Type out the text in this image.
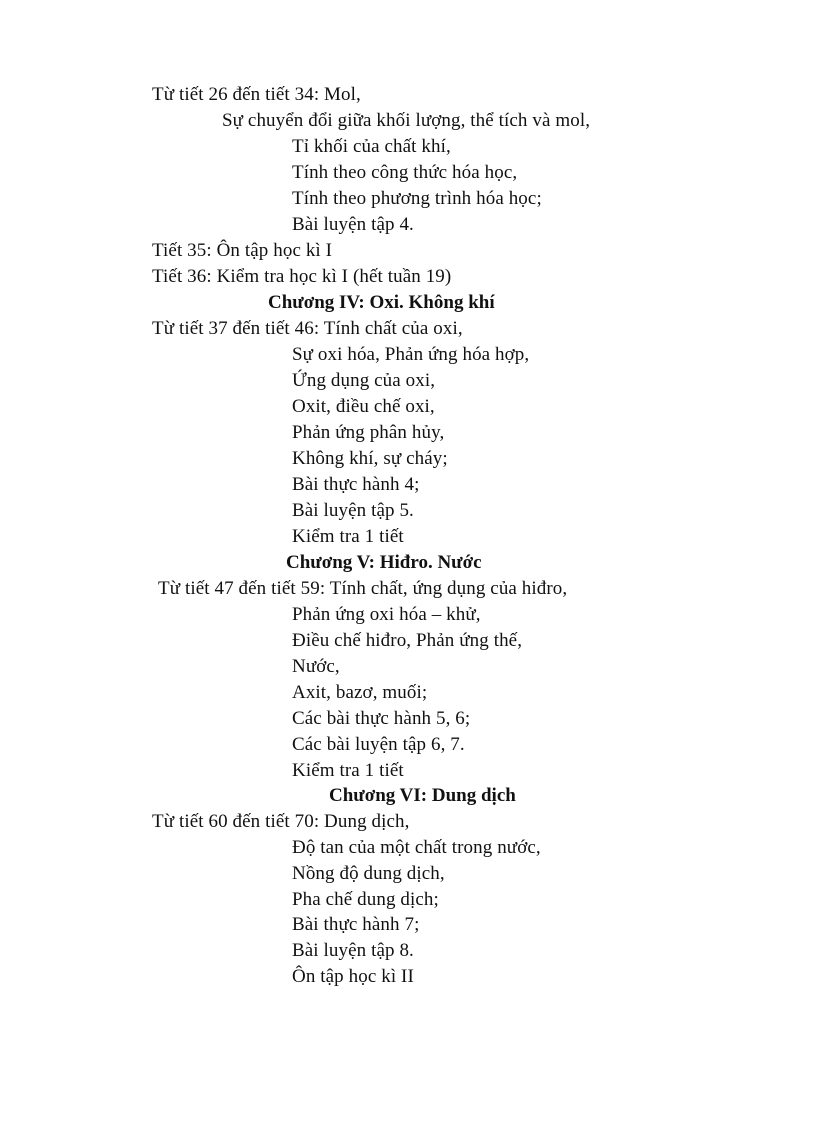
Từ tiết 26 đến tiết 34: Mol,
Sự chuyển đổi giữa khối lượng, thể tích và mol,
Tỉ khối của chất khí,
Tính theo công thức hóa học,
Tính theo phương trình hóa học;
Bài luyện tập 4.
Tiết 35: Ôn tập học kì I
Tiết 36: Kiểm tra học kì I (hết tuần 19)
Chương IV: Oxi. Không khí
Từ tiết 37 đến tiết 46: Tính chất của oxi,
Sự oxi hóa, Phản ứng hóa hợp,
Ứng dụng của oxi,
Oxit, điều chế oxi,
Phản ứng phân hủy,
Không khí, sự cháy;
Bài thực hành 4;
Bài luyện tập 5.
Kiểm tra 1 tiết
Chương V: Hiđro. Nước
Từ tiết 47 đến tiết 59: Tính chất, ứng dụng của hiđro,
Phản ứng oxi hóa – khử,
Điều chế hiđro, Phản ứng thế,
Nước,
Axit, bazơ, muối;
Các bài thực hành 5, 6;
Các bài luyện tập 6, 7.
Kiểm tra 1 tiết
Chương VI: Dung dịch
Từ tiết 60 đến tiết 70: Dung dịch,
Độ tan của một chất trong nước,
Nồng độ dung dịch,
Pha chế dung dịch;
Bài thực hành 7;
Bài luyện tập 8.
Ôn tập học kì II
